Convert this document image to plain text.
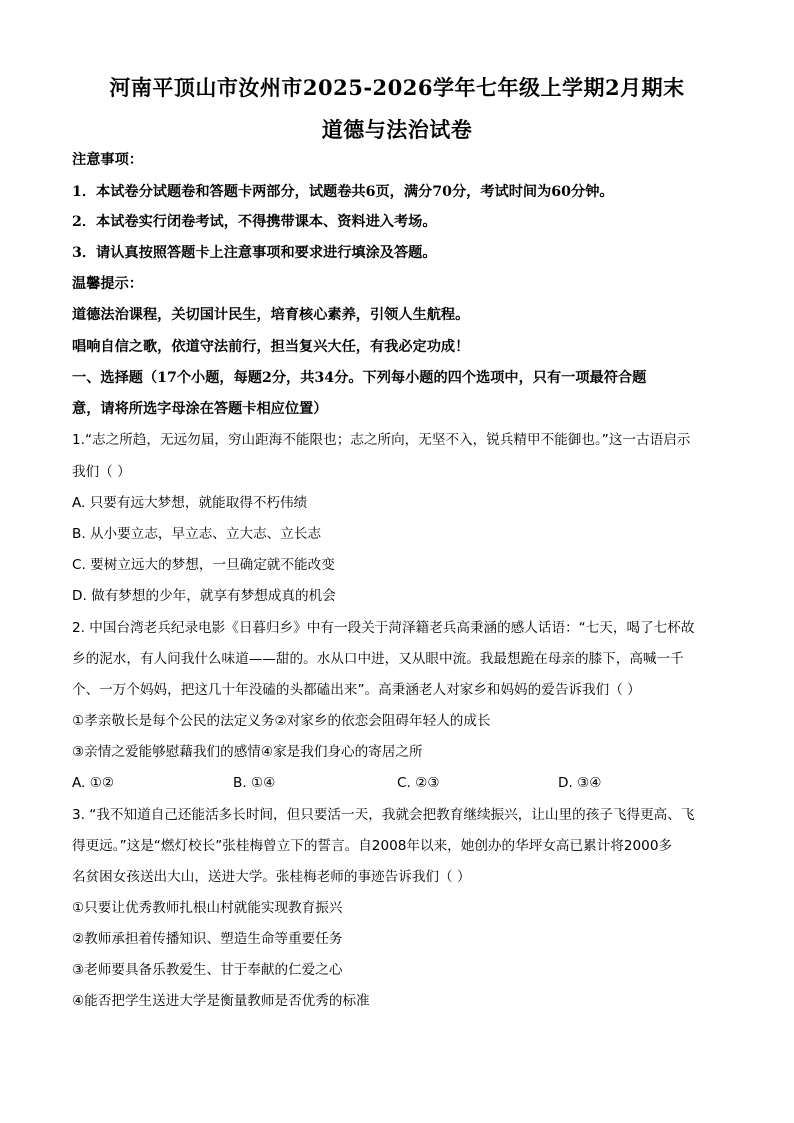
河南平顶山市汝州市2025-2026学年七年级上学期2月期末
道德与法治试卷
注意事项：
1．本试卷分试题卷和答题卡两部分，试题卷共6页，满分70分，考试时间为60分钟。
2．本试卷实行闭卷考试，不得携带课本、资料进入考场。
3．请认真按照答题卡上注意事项和要求进行填涂及答题。
温馨提示：
道德法治课程，关切国计民生，培育核心素养，引领人生航程。
唱响自信之歌，依道守法前行，担当复兴大任，有我必定功成！
一、选择题（17个小题，每题2分，共34分。下列每小题的四个选项中，只有一项最符合题
意，请将所选字母涂在答题卡相应位置）
1.“志之所趋，无远勿届，穷山距海不能限也；志之所向，无坚不入，锐兵精甲不能御也。”这一古语启示
我们（ ）
A. 只要有远大梦想，就能取得不朽伟绩
B. 从小要立志，早立志、立大志、立长志
C. 要树立远大的梦想，一旦确定就不能改变
D. 做有梦想的少年，就享有梦想成真的机会
2. 中国台湾老兵纪录电影《日暮归乡》中有一段关于菏泽籍老兵高秉涵的感人话语：“七天，喝了七杯故
乡的泥水，有人问我什么味道——甜的。水从口中进，又从眼中流。我最想跪在母亲的膝下，高喊一千
个、一万个妈妈，把这几十年没磕的头都磕出来”。高秉涵老人对家乡和妈妈的爱告诉我们（ ）
①孝亲敬长是每个公民的法定义务②对家乡的依恋会阻碍年轻人的成长
③亲情之爱能够慰藉我们的感情④家是我们身心的寄居之所
A. ①②	B. ①④	C. ②③	D. ③④
3. “我不知道自己还能活多长时间，但只要活一天，我就会把教育继续振兴，让山里的孩子飞得更高、飞
得更远。”这是“燃灯校长”张桂梅曾立下的誓言。自2008年以来，她创办的华坪女高已累计将2000多
名贫困女孩送出大山，送进大学。张桂梅老师的事迹告诉我们（ ）
①只要让优秀教师扎根山村就能实现教育振兴
②教师承担着传播知识、塑造生命等重要任务
③老师要具备乐教爱生、甘于奉献的仁爱之心
④能否把学生送进大学是衡量教师是否优秀的标准
